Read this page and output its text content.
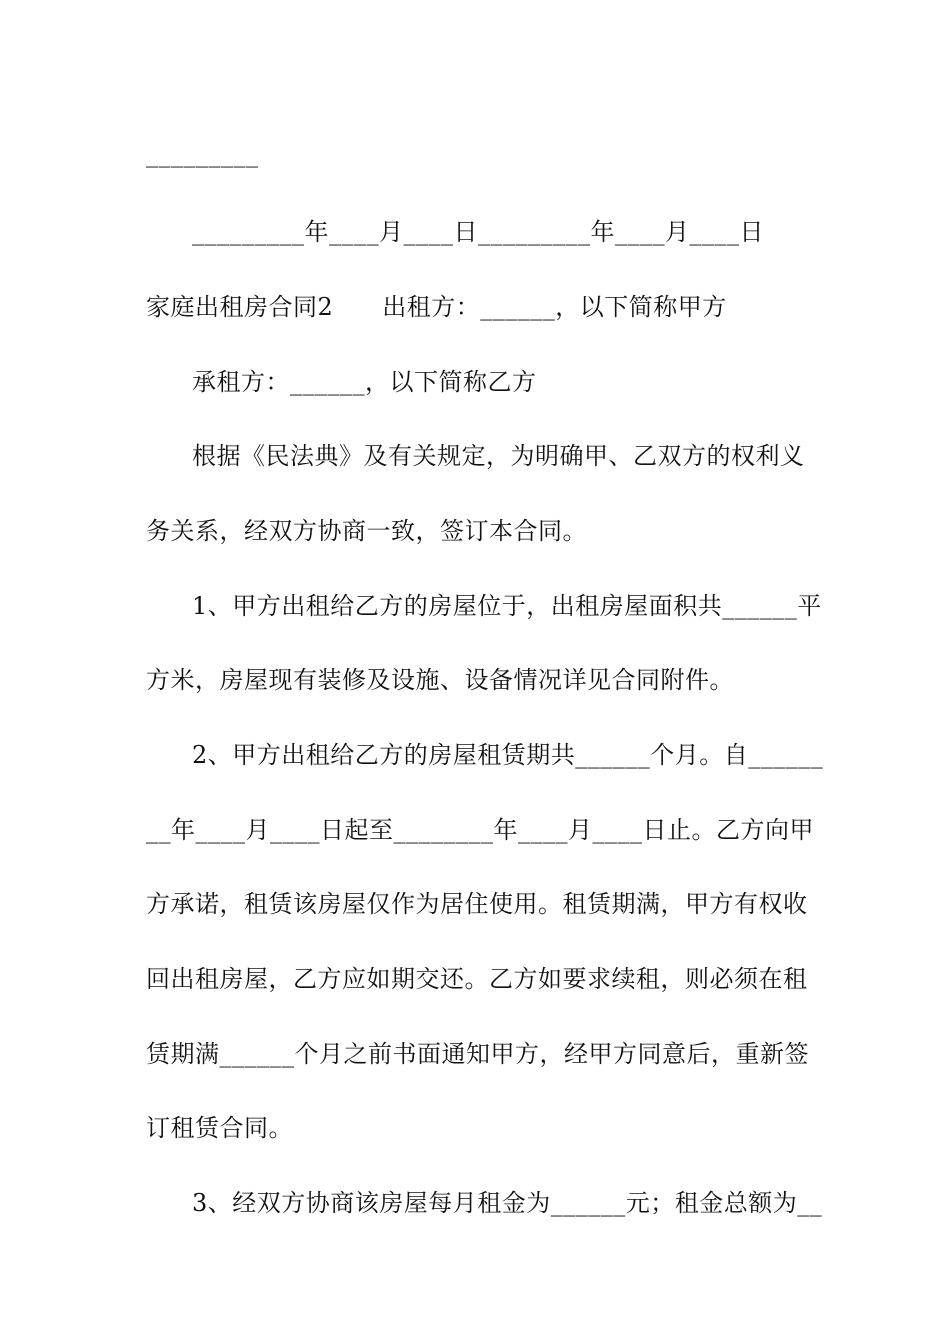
_________
_________年____月____日_________年____月____日
家庭出租房合同2　　出租方：______，以下简称甲方
承租方：______，以下简称乙方
根据《民法典》及有关规定，为明确甲、乙双方的权利义
务关系，经双方协商一致，签订本合同。
1、甲方出租给乙方的房屋位于，出租房屋面积共______平
方米，房屋现有装修及设施、设备情况详见合同附件。
2、甲方出租给乙方的房屋租赁期共______个月。自______
__年____月____日起至________年____月____日止。乙方向甲
方承诺，租赁该房屋仅作为居住使用。租赁期满，甲方有权收
回出租房屋，乙方应如期交还。乙方如要求续租，则必须在租
赁期满______个月之前书面通知甲方，经甲方同意后，重新签
订租赁合同。
3、经双方协商该房屋每月租金为______元；租金总额为__
